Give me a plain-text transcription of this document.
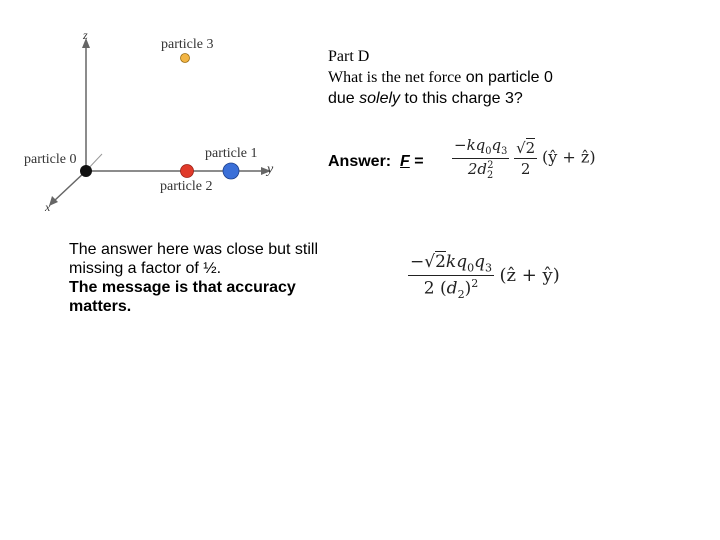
z
y
x
particle 3
particle 1
particle 0
particle 2
Part D
What is the net force on particle 0
due solely to this charge 3?
Answer: $F = \frac{-kq_0q_3}{2d_2^2}$
$\frac{√2}{2}$ (ŷ + ẑ)
The answer here was close but still
missing a factor of ½.
The message is that accuracy
matters.
$\frac{-√2kq_0q_3}{2 (d_2)^2}$ (ẑ + ŷ)
